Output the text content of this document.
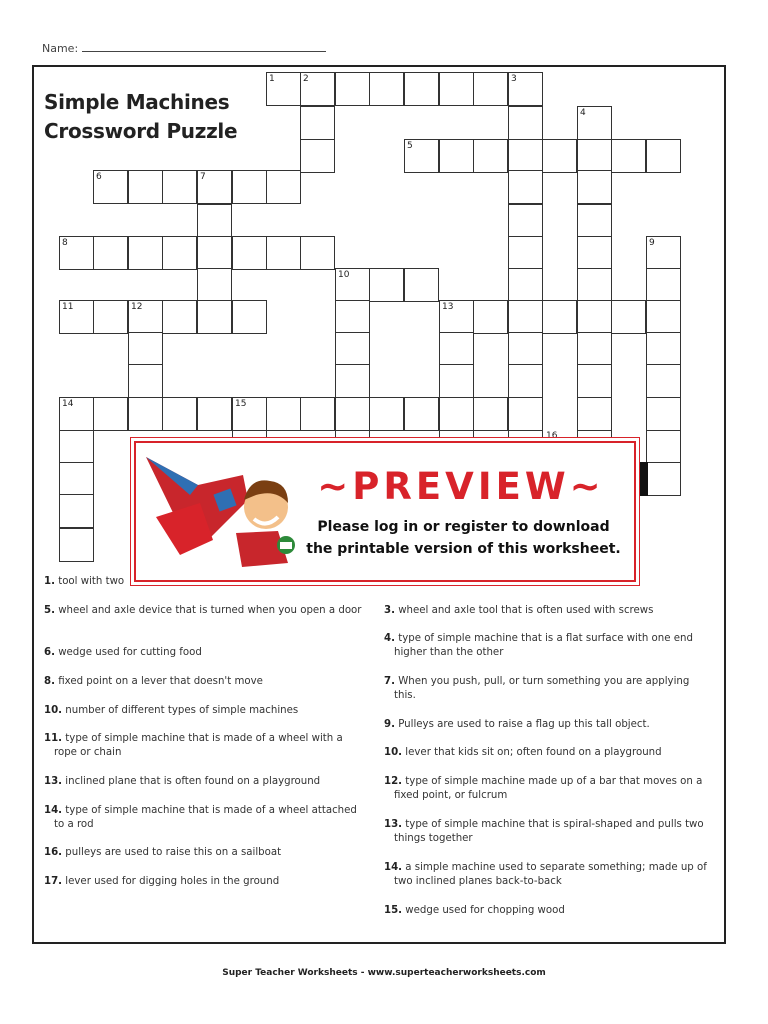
Name:
Simple Machines
Crossword Puzzle
1	2	3
4
5
6	7
8	9
10
11	12	13
14	15
16
1. tool with two
5. wheel and axle device that is turned when you open a door
6. wedge used for cutting food
8. fixed point on a lever that doesn't move
10. number of different types of simple machines
11. type of simple machine that is made of a wheel with a rope or chain
13. inclined plane that is often found on a playground
14. type of simple machine that is made of a wheel attached to a rod
16. pulleys are used to raise this on a sailboat
17. lever used for digging holes in the ground
3. wheel and axle tool that is often used with screws
4. type of simple machine that is a flat surface with one end higher than the other
7. When you push, pull, or turn something you are applying this.
9. Pulleys are used to raise a flag up this tall object.
10. lever that kids sit on; often found on a playground
12. type of simple machine made up of a bar that moves on a fixed point, or fulcrum
13. type of simple machine that is spiral-shaped and pulls two things together
14. a simple machine used to separate something; made up of two inclined planes back-to-back
15. wedge used for chopping wood
~PREVIEW~
Please log in or register to download
the printable version of this worksheet.
Super Teacher Worksheets - www.superteacherworksheets.com
